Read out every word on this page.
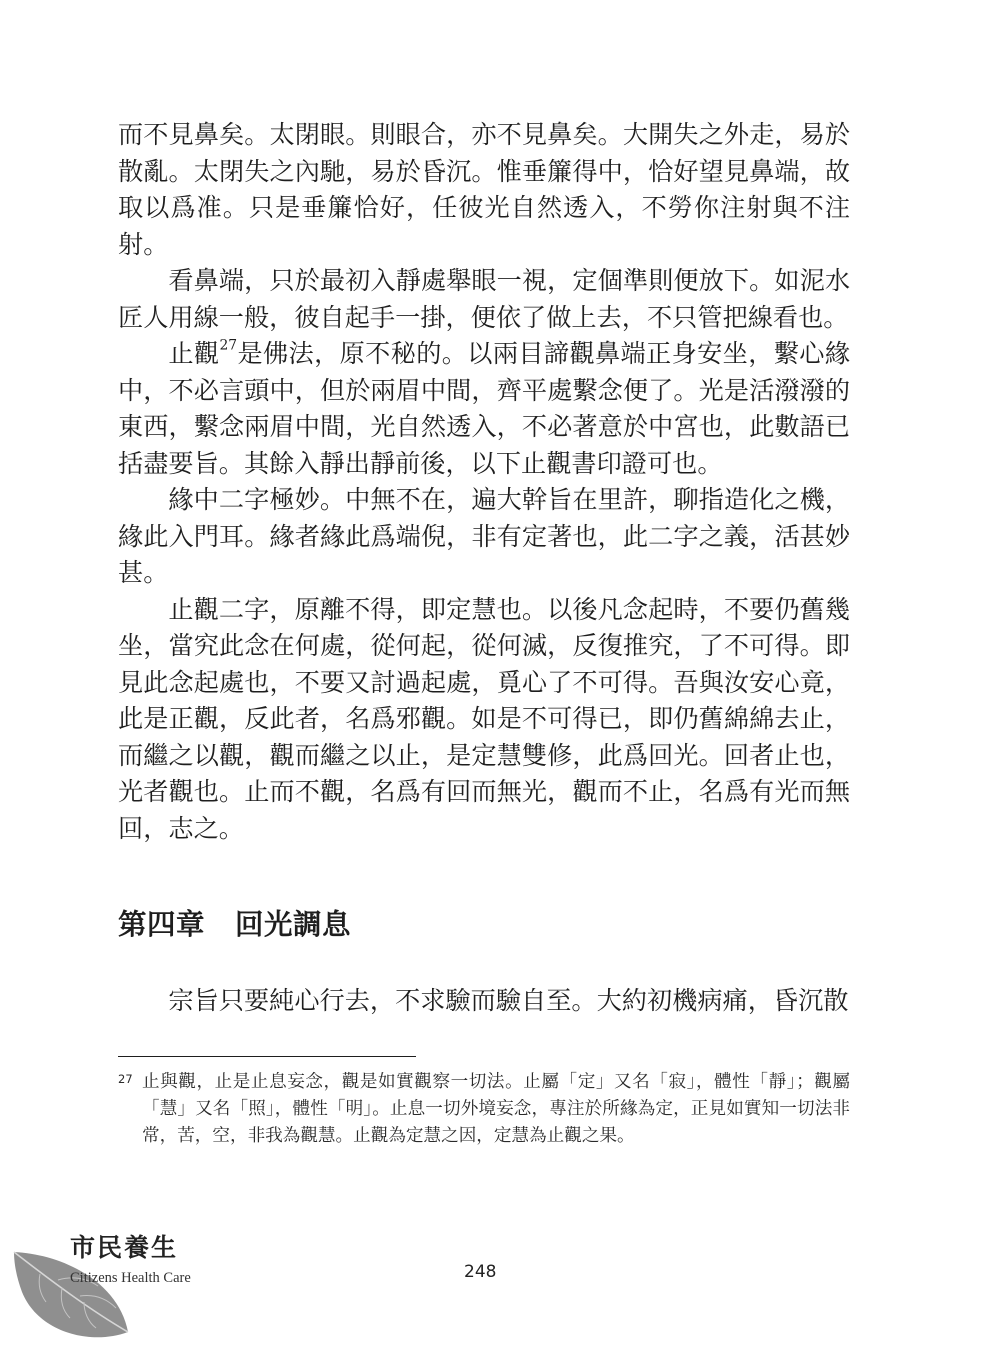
而不見鼻矣。太閉眼。則眼合，亦不見鼻矣。大開失之外走，易於散亂。太閉失之內馳，易於昏沉。惟垂簾得中，恰好望見鼻端，故取以爲准。只是垂簾恰好，任彼光自然透入，不勞你注射與不注射。

看鼻端，只於最初入靜處舉眼一視，定個準則便放下。如泥水匠人用線一般，彼自起手一掛，便依了做上去，不只管把線看也。

止觀$^{27}$是佛法，原不秘的。以兩目諦觀鼻端正身安坐，繫心緣中，不必言頭中，但於兩眉中間，齊平處繫念便了。光是活潑潑的東西，繫念兩眉中間，光自然透入，不必著意於中宮也，此數語已括盡要旨。其餘入靜出靜前後，以下止觀書印證可也。

緣中二字極妙。中無不在，遍大幹旨在里許，聊指造化之機，緣此入門耳。緣者緣此爲端倪，非有定著也，此二字之義，活甚妙甚。

止觀二字，原離不得，即定慧也。以後凡念起時，不要仍舊幾坐，當究此念在何處，從何起，從何滅，反復推究，了不可得。即見此念起處也，不要又討過起處，覓心了不可得。吾與汝安心竟，此是正觀，反此者，名爲邪觀。如是不可得已，即仍舊綿綿去止，而繼之以觀，觀而繼之以止，是定慧雙修，此爲回光。回者止也，光者觀也。止而不觀，名爲有回而無光，觀而不止，名爲有光而無回，志之。

第四章 回光調息

宗旨只要純心行去，不求驗而驗自至。大約初機病痛，昏沉散

27 止與觀，止是止息妄念，觀是如實觀察一切法。止屬「定」又名「寂」，體性「靜」；觀屬「慧」又名「照」，體性「明」。止息一切外境妄念，專注於所緣為定，正見如實知一切法非常，苦，空，非我為觀慧。止觀為定慧之因，定慧為止觀之果。
市民養生
Citizens Health Care	248
